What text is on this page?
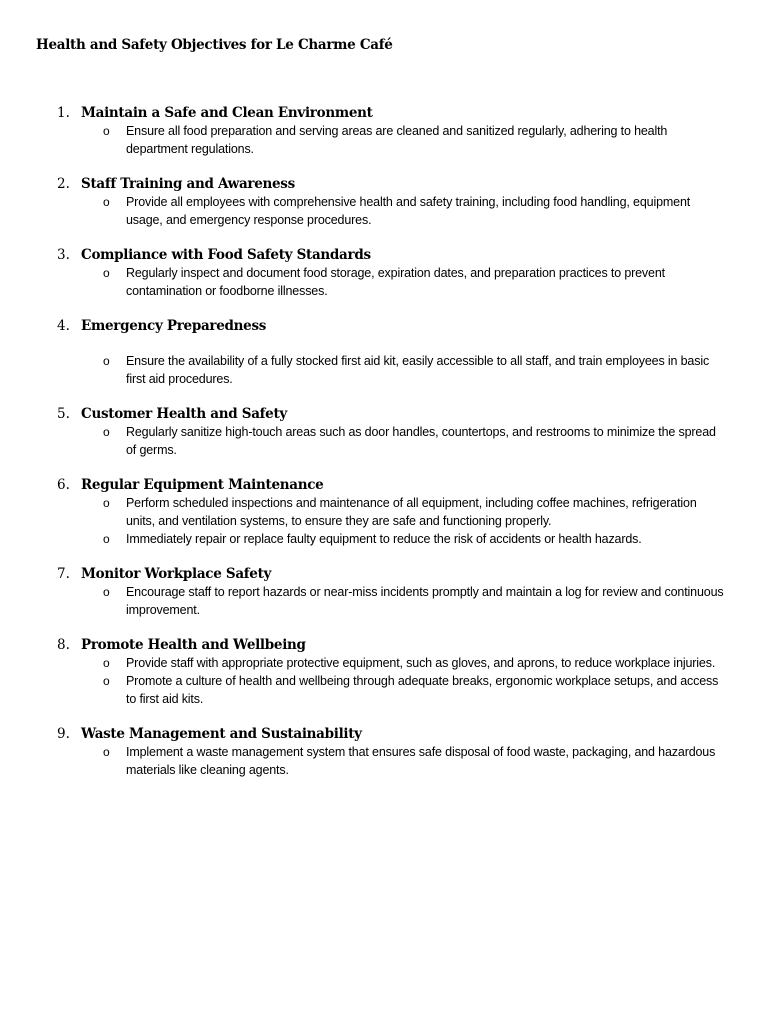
Health and Safety Objectives for Le Charme Café
1. Maintain a Safe and Clean Environment
o Ensure all food preparation and serving areas are cleaned and sanitized regularly, adhering to health department regulations.
2. Staff Training and Awareness
o Provide all employees with comprehensive health and safety training, including food handling, equipment usage, and emergency response procedures.
3. Compliance with Food Safety Standards
o Regularly inspect and document food storage, expiration dates, and preparation practices to prevent contamination or foodborne illnesses.
4. Emergency Preparedness
o Ensure the availability of a fully stocked first aid kit, easily accessible to all staff, and train employees in basic first aid procedures.
5. Customer Health and Safety
o Regularly sanitize high-touch areas such as door handles, countertops, and restrooms to minimize the spread of germs.
6. Regular Equipment Maintenance
o Perform scheduled inspections and maintenance of all equipment, including coffee machines, refrigeration units, and ventilation systems, to ensure they are safe and functioning properly.
o Immediately repair or replace faulty equipment to reduce the risk of accidents or health hazards.
7. Monitor Workplace Safety
o Encourage staff to report hazards or near-miss incidents promptly and maintain a log for review and continuous improvement.
8. Promote Health and Wellbeing
o Provide staff with appropriate protective equipment, such as gloves, and aprons, to reduce workplace injuries.
o Promote a culture of health and wellbeing through adequate breaks, ergonomic workplace setups, and access to first aid kits.
9. Waste Management and Sustainability
o Implement a waste management system that ensures safe disposal of food waste, packaging, and hazardous materials like cleaning agents.
